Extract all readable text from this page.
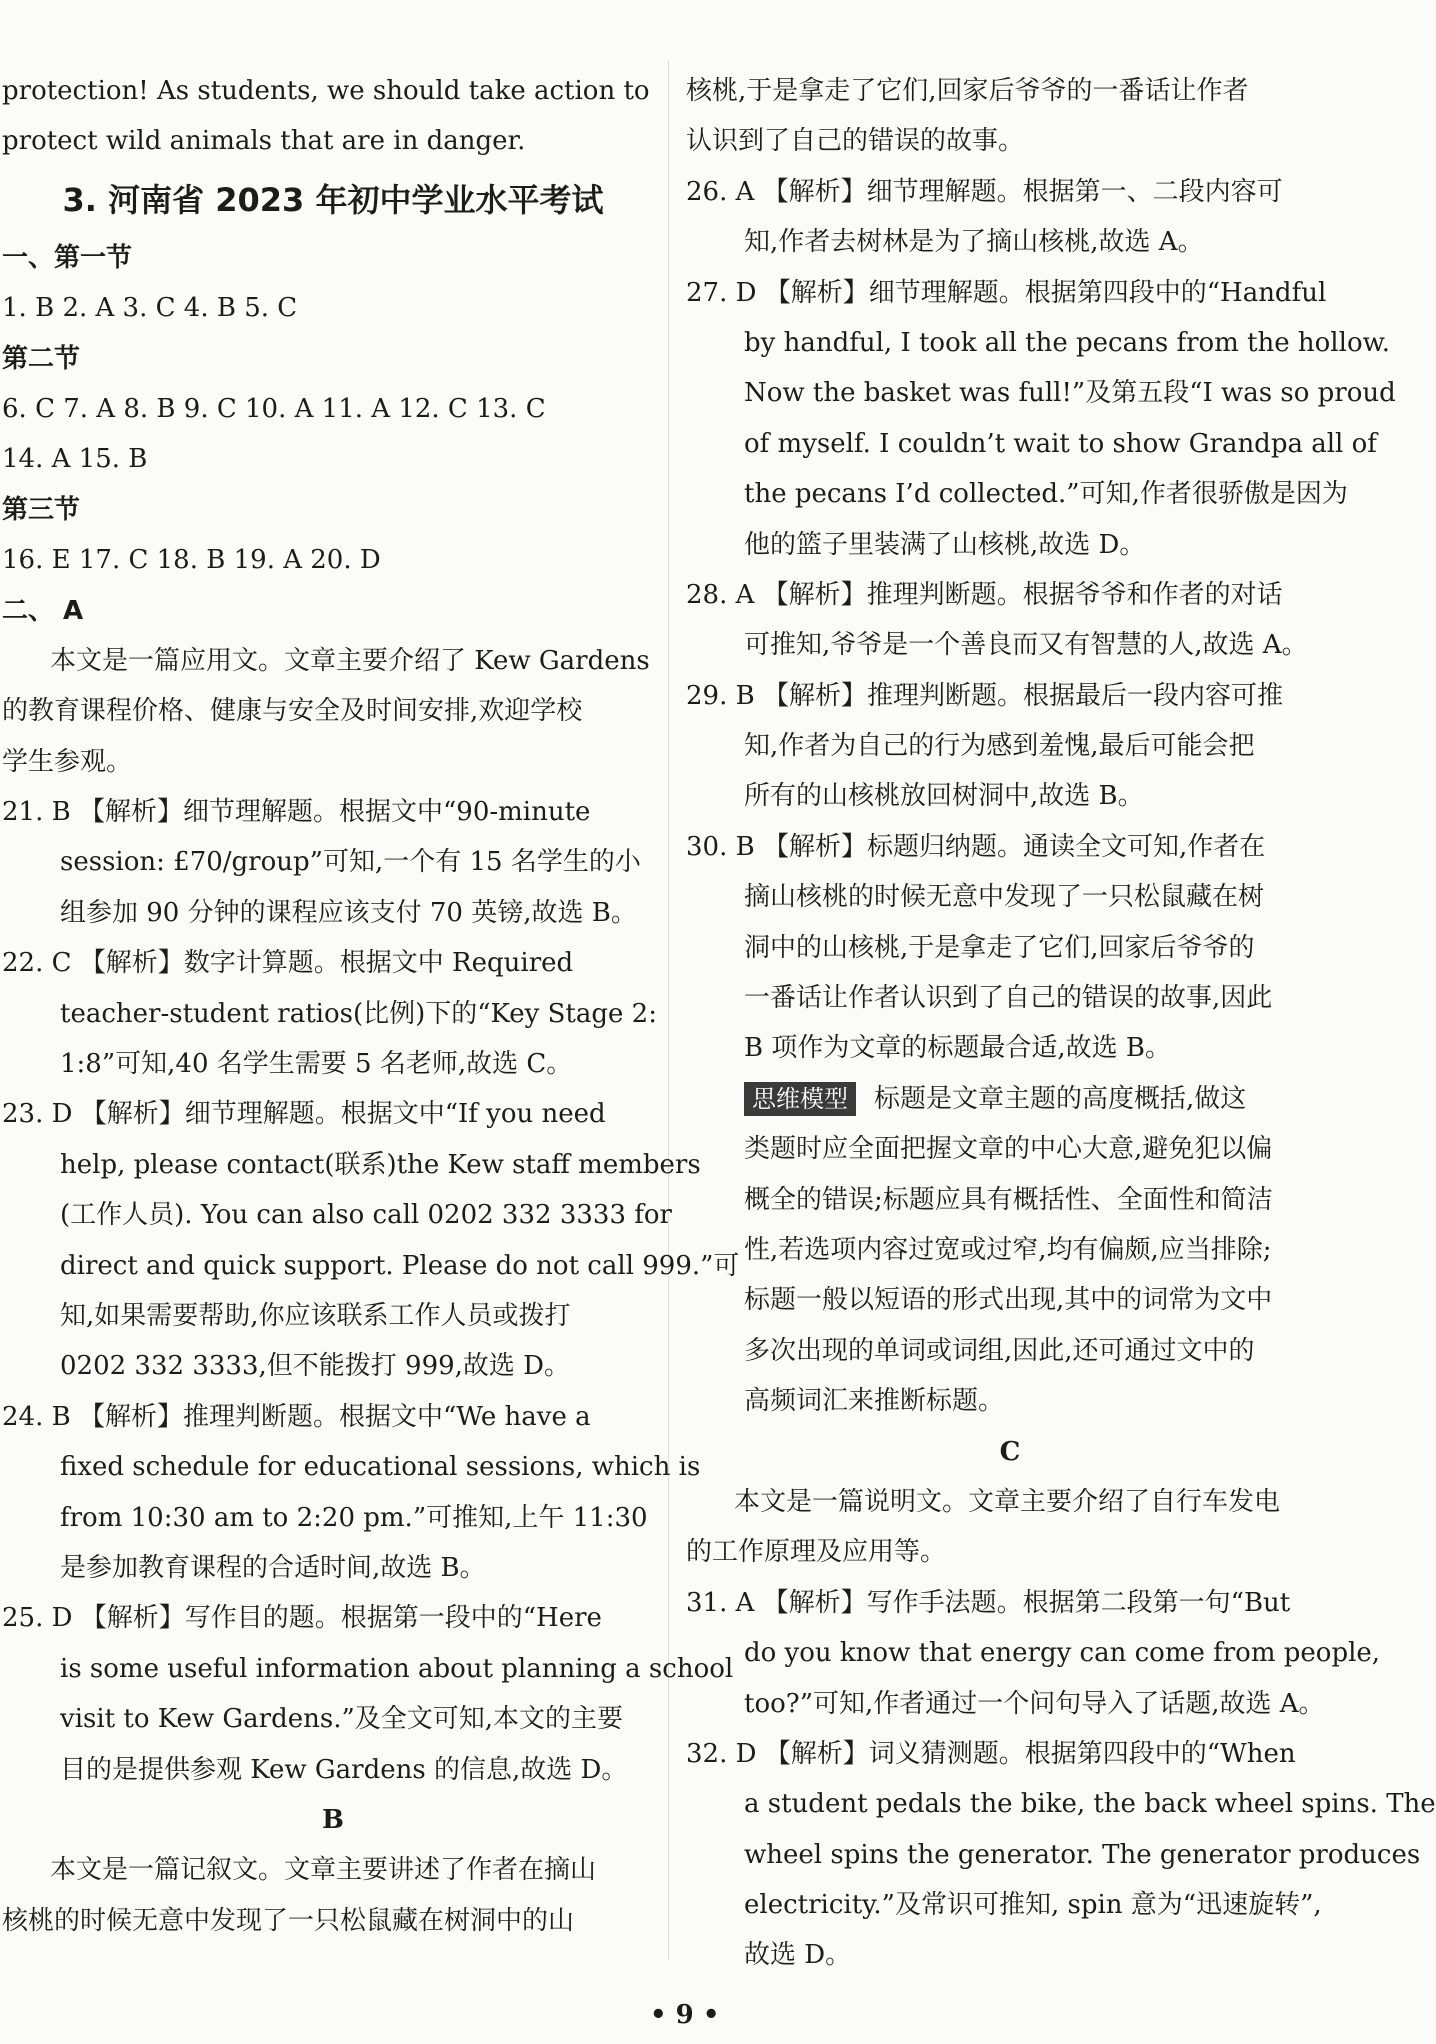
protection! As students, we should take action to
protect wild animals that are in danger.
3. 河南省 2023 年初中学业水平考试
一、第一节
1. B 2. A 3. C 4. B 5. C
第二节
6. C 7. A 8. B 9. C 10. A 11. A 12. C 13. C
14. A 15. B
第三节
16. E 17. C 18. B 19. A 20. D
二、 A
本文是一篇应用文。文章主要介绍了 Kew Gardens
的教育课程价格、健康与安全及时间安排,欢迎学校
学生参观。
21. B 【解析】细节理解题。根据文中“90-minute
session: £70/group”可知,一个有 15 名学生的小
组参加 90 分钟的课程应该支付 70 英镑,故选 B。
22. C 【解析】数字计算题。根据文中 Required
teacher-student ratios(比例)下的“Key Stage 2:
1:8”可知,40 名学生需要 5 名老师,故选 C。
23. D 【解析】细节理解题。根据文中“If you need
help, please contact(联系)the Kew staff members
(工作人员). You can also call 0202 332 3333 for
direct and quick support. Please do not call 999.”可
知,如果需要帮助,你应该联系工作人员或拨打
0202 332 3333,但不能拨打 999,故选 D。
24. B 【解析】推理判断题。根据文中“We have a
fixed schedule for educational sessions, which is
from 10:30 am to 2:20 pm.”可推知,上午 11:30
是参加教育课程的合适时间,故选 B。
25. D 【解析】写作目的题。根据第一段中的“Here
is some useful information about planning a school
visit to Kew Gardens.”及全文可知,本文的主要
目的是提供参观 Kew Gardens 的信息,故选 D。
B
本文是一篇记叙文。文章主要讲述了作者在摘山
核桃的时候无意中发现了一只松鼠藏在树洞中的山
核桃,于是拿走了它们,回家后爷爷的一番话让作者
认识到了自己的错误的故事。
26. A 【解析】细节理解题。根据第一、二段内容可
知,作者去树林是为了摘山核桃,故选 A。
27. D 【解析】细节理解题。根据第四段中的“Handful
by handful, I took all the pecans from the hollow.
Now the basket was full!”及第五段“I was so proud
of myself. I couldn’t wait to show Grandpa all of
the pecans I’d collected.”可知,作者很骄傲是因为
他的篮子里装满了山核桃,故选 D。
28. A 【解析】推理判断题。根据爷爷和作者的对话
可推知,爷爷是一个善良而又有智慧的人,故选 A。
29. B 【解析】推理判断题。根据最后一段内容可推
知,作者为自己的行为感到羞愧,最后可能会把
所有的山核桃放回树洞中,故选 B。
30. B 【解析】标题归纳题。通读全文可知,作者在
摘山核桃的时候无意中发现了一只松鼠藏在树
洞中的山核桃,于是拿走了它们,回家后爷爷的
一番话让作者认识到了自己的错误的故事,因此
B 项作为文章的标题最合适,故选 B。
思维模型 标题是文章主题的高度概括,做这
类题时应全面把握文章的中心大意,避免犯以偏
概全的错误;标题应具有概括性、全面性和简洁
性,若选项内容过宽或过窄,均有偏颇,应当排除;
标题一般以短语的形式出现,其中的词常为文中
多次出现的单词或词组,因此,还可通过文中的
高频词汇来推断标题。
C
本文是一篇说明文。文章主要介绍了自行车发电
的工作原理及应用等。
31. A 【解析】写作手法题。根据第二段第一句“But
do you know that energy can come from people,
too?”可知,作者通过一个问句导入了话题,故选 A。
32. D 【解析】词义猜测题。根据第四段中的“When
a student pedals the bike, the back wheel spins. The
wheel spins the generator. The generator produces
electricity.”及常识可推知, spin 意为“迅速旋转”,
故选 D。
• 9 •
